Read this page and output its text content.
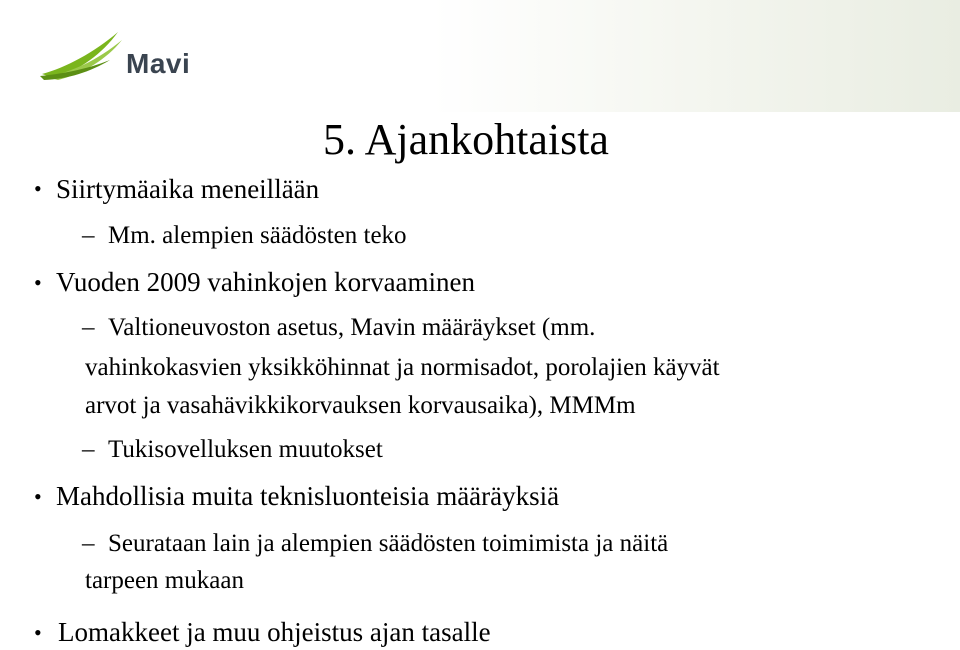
Mavi
5. Ajankohtaista
• Siirtymäaika meneillään
– Mm. alempien säädösten teko
• Vuoden 2009 vahinkojen korvaaminen
– Valtioneuvoston asetus, Mavin määräykset (mm.
vahinkokasvien yksikköhinnat ja normisadot, porolajien käyvät
arvot ja vasahävikkikorvauksen korvausaika), MMMm
– Tukisovelluksen muutokset
• Mahdollisia muita teknisluonteisia määräyksiä
– Seurataan lain ja alempien säädösten toimimista ja näitä
tarpeen mukaan
• Lomakkeet ja muu ohjeistus ajan tasalle
